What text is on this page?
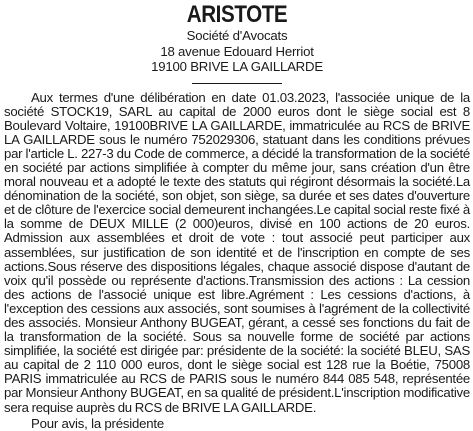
ARISTOTE
Société d'Avocats
18 avenue Edouard Herriot
19100 BRIVE LA GAILLARDE

Aux termes d'une délibération en date 01.03.2023, l'associée unique de la société STOCK19, SARL au capital de 2000 euros dont le siège social est 8 Boulevard Voltaire, 19100BRIVE LA GAILLARDE, immatriculée au RCS de BRIVE LA GAILLARDE sous le numéro 752029306, statuant dans les conditions prévues par l'article L. 227-3 du Code de commerce, a décidé la transformation de la société en société par actions simplifiée à compter du même jour, sans création d'un être moral nouveau et a adopté le texte des statuts qui régiront désormais la société.La dénomination de la société, son objet, son siège, sa durée et ses dates d'ouverture et de clôture de l'exercice social demeurent inchangées.Le capital social reste fixé à la somme de DEUX MILLE (2 000)euros, divisé en 100 actions de 20 euros. Admission aux assemblées et droit de vote : tout associé peut participer aux assemblées, sur justification de son identité et de l'inscription en compte de ses actions.Sous réserve des dispositions légales, chaque associé dispose d'autant de voix qu'il possède ou représente d'actions.Transmission des actions : La cession des actions de l'associé unique est libre.Agrément : Les cessions d'actions, à l'exception des cessions aux associés, sont soumises à l'agrément de la collectivité des associés. Monsieur Anthony BUGEAT, gérant, a cessé ses fonctions du fait de la transformation de la société. Sous sa nouvelle forme de société par actions simplifiée, la société est dirigée par: présidente de la société: la société BLEU, SAS au capital de 2 110 000 euros, dont le siège social est 128 rue la Boétie, 75008 PARIS immatriculée au RCS de PARIS sous le numéro 844 085 548, représentée par Monsieur Anthony BUGEAT, en sa qualité de président.L'inscription modificative sera requise auprès du RCS de BRIVE LA GAILLARDE.

Pour avis, la présidente
